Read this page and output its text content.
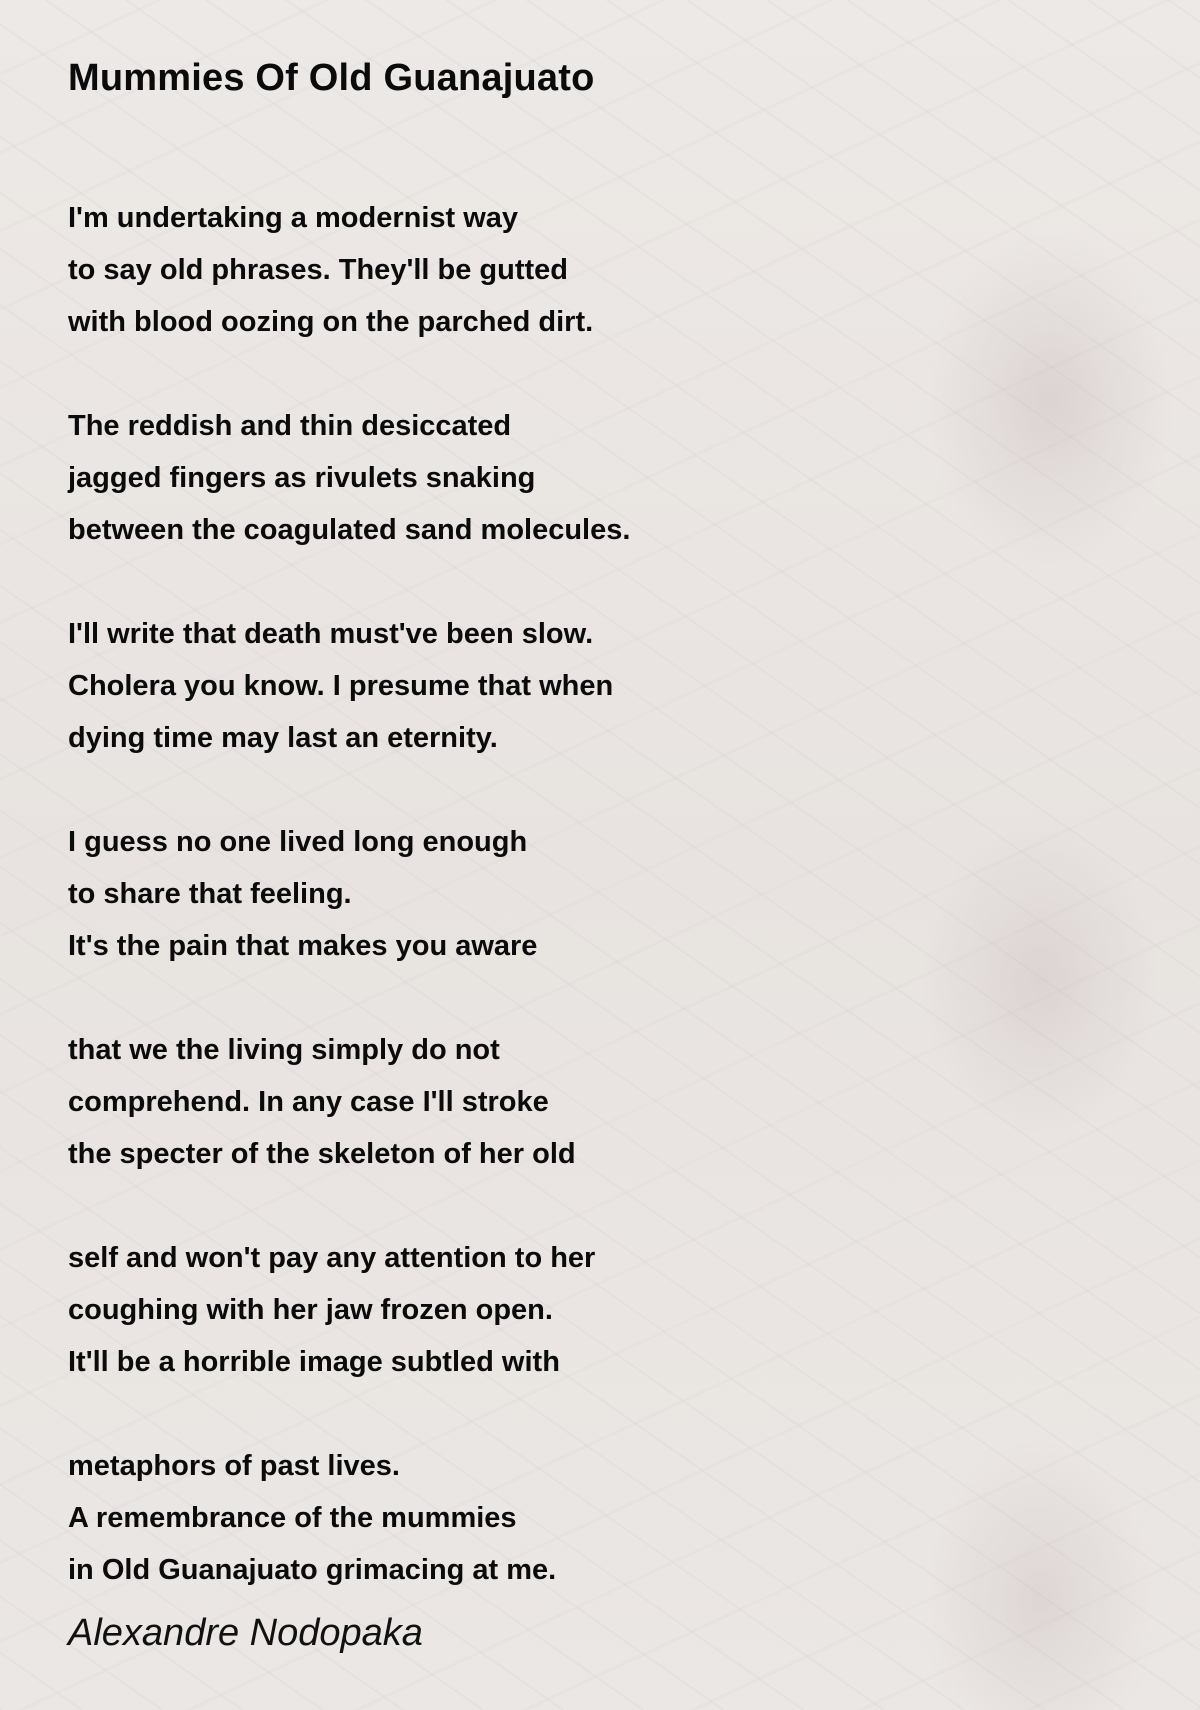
Mummies Of Old Guanajuato
I'm undertaking a modernist way
to say old phrases. They'll be gutted
with blood oozing on the parched dirt.
The reddish and thin desiccated
jagged fingers as rivulets snaking
between the coagulated sand molecules.
I'll write that death must've been slow.
Cholera you know. I presume that when
dying time may last an eternity.
I guess no one lived long enough
to share that feeling.
It's the pain that makes you aware
that we the living simply do not
comprehend. In any case I'll stroke
the specter of the skeleton of her old
self and won't pay any attention to her
coughing with her jaw frozen open.
It'll be a horrible image subtled with
metaphors of past lives.
A remembrance of the mummies
in Old Guanajuato grimacing at me.
Alexandre Nodopaka
